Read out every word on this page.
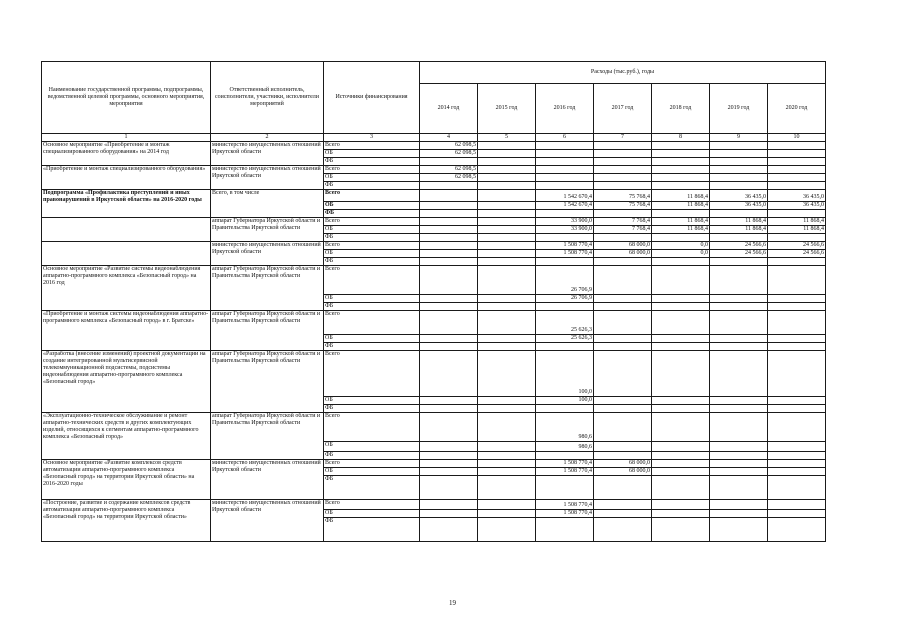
Наименование государственной программы, подпрограммы, ведомственной целевой программы, основного мероприятия, мероприятия	Ответственный исполнитель, соисполнители, участники, исполнители мероприятий	Источники финансирования	Расходы (тыс.руб.), годы						
			2014 год	2015 год	2016 год	2017 год	2018 год	2019 год	2020 год
1	2	3	4	5	6	7	8	9	10
Основное мероприятие «Приобретение и монтаж специализированного оборудования» на 2014 год	министерство имущественных отношений Иркутской области	Всего	62 098,5						
		ОБ	62 098,5						
		ФБ							
«Приобретение и монтаж специализированного оборудования»	министерство имущественных отношений Иркутской области	Всего	62 098,5						
		ОБ	62 098,5						
		ФБ							
Подпрограмма «Профилактика преступлений и иных правонарушений в Иркутской области» на 2016-2020 годы	Всего, в том числе	Всего			1 542 670,4	75 768,4	11 868,4	36 435,0	36 435,0
		ОБ			1 542 670,4	75 768,4	11 868,4	36 435,0	36 435,0
		ФБ							
	аппарат Губернатора Иркутской области и Правительства Иркутской области	Всего			33 900,0	7 768,4	11 868,4	11 868,4	11 868,4
		ОБ			33 900,0	7 768,4	11 868,4	11 868,4	11 868,4
		ФБ							
	министерство имущественных отношений Иркутской области	Всего			1 508 770,4	68 000,0	0,0	24 566,6	24 566,6
		ОБ			1 508 770,4	68 000,0	0,0	24 566,6	24 566,6
		ФБ							
Основное мероприятие «Развитие системы видеонаблюдения аппаратно-программного комплекса «Безопасный город» на 2016 год	аппарат Губернатора Иркутской области и Правительства Иркутской области	Всего			26 706,9				
		ОБ			26 706,9				
		ФБ							
«Приобретение и монтаж системы видеонаблюдения аппаратно-программного комплекса «Безопасный город» в г. Братске»	аппарат Губернатора Иркутской области и Правительства Иркутской области	Всего			25 626,3				
		ОБ			25 626,3				
		ФБ							
«Разработка (внесение изменений) проектной документации на создание интегрированной мультисервисной телекоммуникационной подсистемы, подсистемы видеонаблюдения аппаратно-программного комплекса «Безопасный город»	аппарат Губернатора Иркутской области и Правительства Иркутской области	Всего			100,0				
		ОБ			100,0				
		ФБ							
«Эксплуатационно-техническое обслуживание и ремонт аппаратно-технических средств и других комплектующих изделий, относящихся к сегментам аппаратно-программного комплекса «Безопасный город»	аппарат Губернатора Иркутской области и Правительства Иркутской области	Всего			980,6				
		ОБ			980,6				
		ФБ							
Основное мероприятие «Развитие комплексов средств автоматизации аппаратно-программного комплекса «Безопасный город» на территории Иркутской области» на 2016-2020 годы	министерство имущественных отношений Иркутской области	Всего			1 508 770,4	68 000,0			
		ОБ			1 508 770,4	68 000,0			
		ФБ							
«Построение, развитие и содержание комплексов средств автоматизации аппаратно-программного комплекса «Безопасный город» на территории Иркутской области»	министерство имущественных отношений Иркутской области	Всего			1 508 770,4				
		ОБ			1 508 770,4				
		ФБ							
19
